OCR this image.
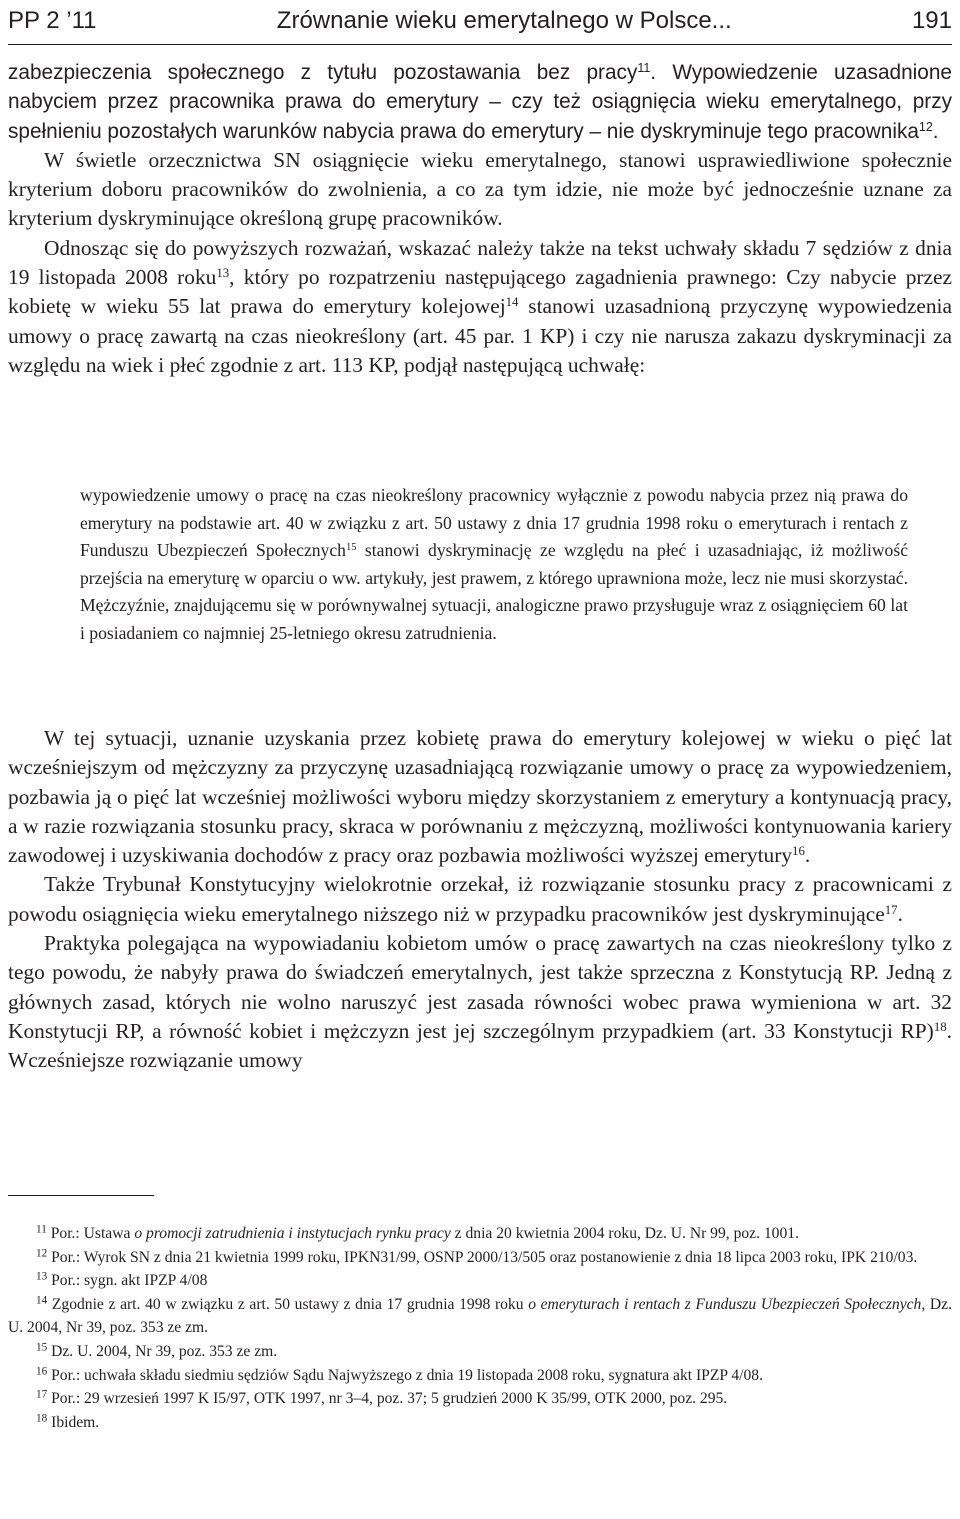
PP 2 ’11	Zrównanie wieku emerytalnego w Polsce...	191

zabezpieczenia społecznego z tytułu pozostawania bez pracy$^{11}$. Wypowiedzenie uzasadnione nabyciem przez pracownika prawa do emerytury – czy też osiągnięcia wieku emerytalnego, przy spełnieniu pozostałych warunków nabycia prawa do emerytury – nie dyskryminuje tego pracownika$^{12}$.

W świetle orzecznictwa SN osiągnięcie wieku emerytalnego, stanowi usprawiedliwione społecznie kryterium doboru pracowników do zwolnienia, a co za tym idzie, nie może być jednocześnie uznane za kryterium dyskryminujące określoną grupę pracowników.

Odnosząc się do powyższych rozważań, wskazać należy także na tekst uchwały składu 7 sędziów z dnia 19 listopada 2008 roku$^{13}$, który po rozpatrzeniu następującego zagadnienia prawnego: Czy nabycie przez kobietę w wieku 55 lat prawa do emerytury kolejowej$^{14}$ stanowi uzasadnioną przyczynę wypowiedzenia umowy o pracę zawartą na czas nieokreślony (art. 45 par. 1 KP) i czy nie narusza zakazu dyskryminacji za względu na wiek i płeć zgodnie z art. 113 KP, podjął następującą uchwałę:

wypowiedzenie umowy o pracę na czas nieokreślony pracownicy wyłącznie z powodu nabycia przez nią prawa do emerytury na podstawie art. 40 w związku z art. 50 ustawy z dnia 17 grudnia 1998 roku o emeryturach i rentach z Funduszu Ubezpieczeń Społecznych$^{15}$ stanowi dyskryminację ze względu na płeć i uzasadniając, iż możliwość przejścia na emeryturę w oparciu o ww. artykuły, jest prawem, z którego uprawniona może, lecz nie musi skorzystać. Mężczyźnie, znajdującemu się w porównywalnej sytuacji, analogiczne prawo przysługuje wraz z osiągnięciem 60 lat i posiadaniem co najmniej 25-letniego okresu zatrudnienia.

W tej sytuacji, uznanie uzyskania przez kobietę prawa do emerytury kolejowej w wieku o pięć lat wcześniejszym od mężczyzny za przyczynę uzasadniającą rozwiązanie umowy o pracę za wypowiedzeniem, pozbawia ją o pięć lat wcześniej możliwości wyboru między skorzystaniem z emerytury a kontynuacją pracy, a w razie rozwiązania stosunku pracy, skraca w porównaniu z mężczyzną, możliwości kontynuowania kariery zawodowej i uzyskiwania dochodów z pracy oraz pozbawia możliwości wyższej emerytury$^{16}$.

Także Trybunał Konstytucyjny wielokrotnie orzekał, iż rozwiązanie stosunku pracy z pracownicami z powodu osiągnięcia wieku emerytalnego niższego niż w przypadku pracowników jest dyskryminujące$^{17}$.

Praktyka polegająca na wypowiadaniu kobietom umów o pracę zawartych na czas nieokreślony tylko z tego powodu, że nabyły prawa do świadczeń emerytalnych, jest także sprzeczna z Konstytucją RP. Jedną z głównych zasad, których nie wolno naruszyć jest zasada równości wobec prawa wymieniona w art. 32 Konstytucji RP, a równość kobiet i mężczyzn jest jej szczególnym przypadkiem (art. 33 Konstytucji RP)$^{18}$. Wcześniejsze rozwiązanie umowy

$^{11}$ Por.: Ustawa o promocji zatrudnienia i instytucjach rynku pracy z dnia 20 kwietnia 2004 roku, Dz. U. Nr 99, poz. 1001.

$^{12}$ Por.: Wyrok SN z dnia 21 kwietnia 1999 roku, IPKN31/99, OSNP 2000/13/505 oraz postanowienie z dnia 18 lipca 2003 roku, IPK 210/03.

$^{13}$ Por.: sygn. akt IPZP 4/08

$^{14}$ Zgodnie z art. 40 w związku z art. 50 ustawy z dnia 17 grudnia 1998 roku o emeryturach i rentach z Funduszu Ubezpieczeń Społecznych, Dz. U. 2004, Nr 39, poz. 353 ze zm.

$^{15}$ Dz. U. 2004, Nr 39, poz. 353 ze zm.

$^{16}$ Por.: uchwała składu siedmiu sędziów Sądu Najwyższego z dnia 19 listopada 2008 roku, sygnatura akt IPZP 4/08.

$^{17}$ Por.: 29 wrzesień 1997 K I5/97, OTK 1997, nr 3–4, poz. 37; 5 grudzień 2000 K 35/99, OTK 2000, poz. 295.

$^{18}$ Ibidem.
